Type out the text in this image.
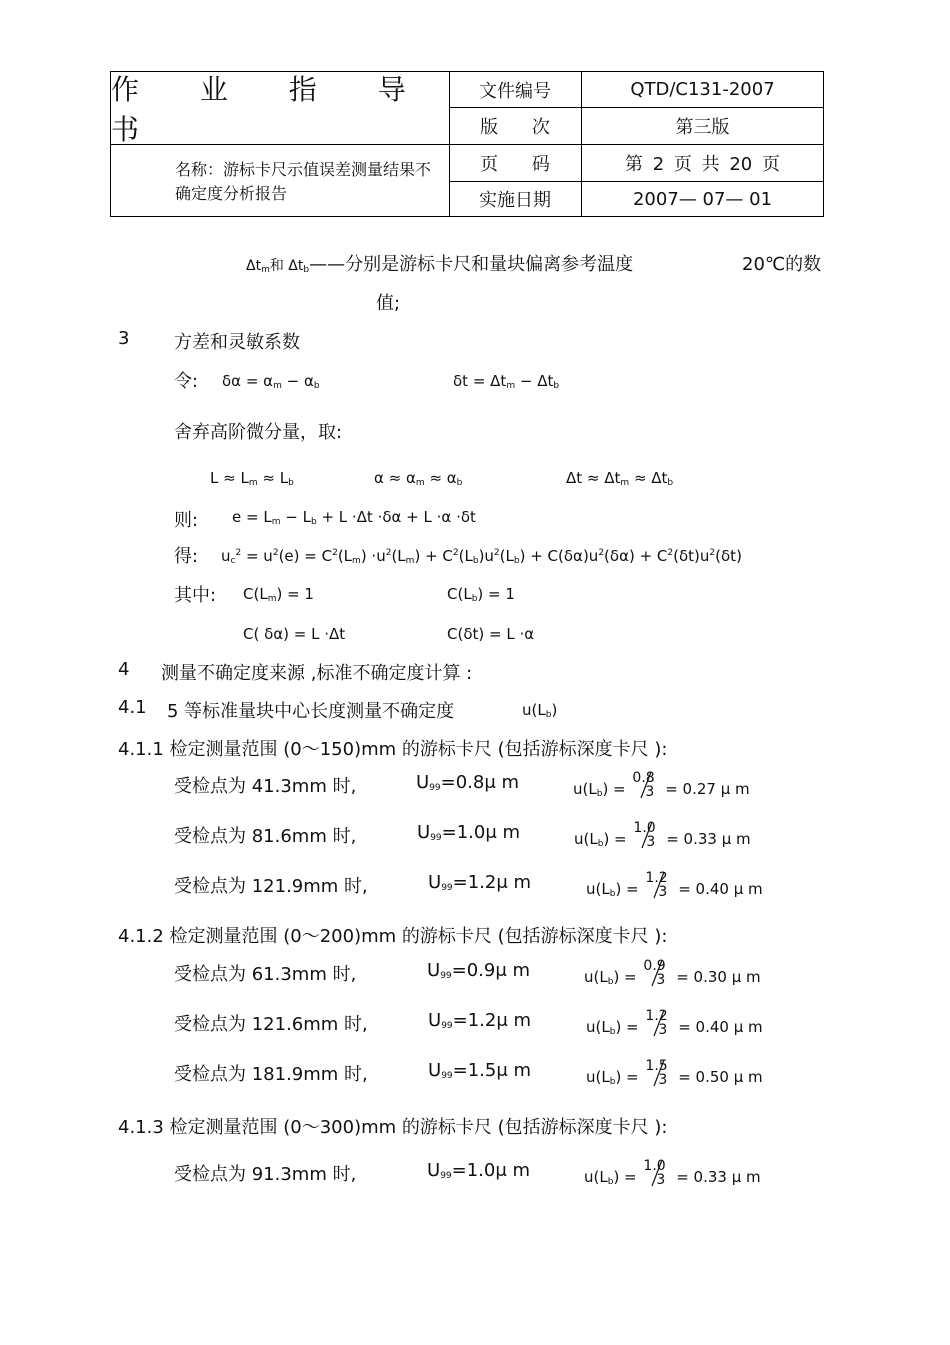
作 业 指 导 书
名称：游标卡尺示值误差测量结果不确定度分析报告
文件编号	QTD/C131-2007
版 次	第三版
页 码	第 2 页 共 20 页
实施日期	2007— 07— 01
$\Delta t_m$和 $\Delta t_b——$分别是游标卡尺和量块偏离参考温度	20℃的数
值;
3 方差和灵敏系数
令: $\delta\alpha = \alpha_m - \alpha_b$	$\delta t = \Delta t_m - \Delta t_b$
舍弃高阶微分量，取:
$L \approx L_m \approx L_b$	$\alpha \approx \alpha_m \approx \alpha_b$	$\Delta t \approx \Delta t_m \approx \Delta t_b$
则: $e = L_m - L_b + L \cdot\Delta t \cdot\delta\alpha + L \cdot\alpha \cdot\delta t$
得: $u_c^2 = u^2(e) = C^2(L_m) \cdot u^2(L_m) + C^2(L_b)u^2(L_b) + C(\delta\alpha)u^2(\delta\alpha) + C^2(\delta t)u^2(\delta t)$
其中: $C(L_m) = 1$	$C(L_b) = 1$
C( δα) = L ·Δt	C(δt) = L ·α
4 测量不确定度来源 ,标准不确定度计算 :
4.1 5 等标准量块中心长度测量不确定度	$u(L_b)$
4.1.1 检定测量范围 (0～150)mm 的游标卡尺 (包括游标深度卡尺 ):
受检点为 41.3mm 时,	$U_{99}=0.8\mu$ m	$u(L_b)$ =
0.8
3 = 0.27 μ m
受检点为 81.6mm 时,	$U_{99}=1.0\mu$ m	$u(L_b)$ =
1.0
3 = 0.33 μ m
受检点为 121.9mm 时,	$U_{99}=1.2\mu$ m	$u(L_b)$ =
1.2
3 = 0.40 μ m
4.1.2 检定测量范围 (0～200)mm 的游标卡尺 (包括游标深度卡尺 ):
受检点为 61.3mm 时,	$U_{99}=0.9\mu$ m	$u(L_b)$ =
0.9
3 = 0.30 μ m
受检点为 121.6mm 时,	$U_{99}=1.2\mu$ m	$u(L_b)$ =
1.2
3 = 0.40 μ m
受检点为 181.9mm 时,	$U_{99}=1.5\mu$ m	$u(L_b)$ =
1.5
3 = 0.50 μ m
4.1.3 检定测量范围 (0～300)mm 的游标卡尺 (包括游标深度卡尺 ):
受检点为 91.3mm 时,	$U_{99}=1.0\mu$ m	$u(L_b)$ =
1.0
3 = 0.33 μ m
